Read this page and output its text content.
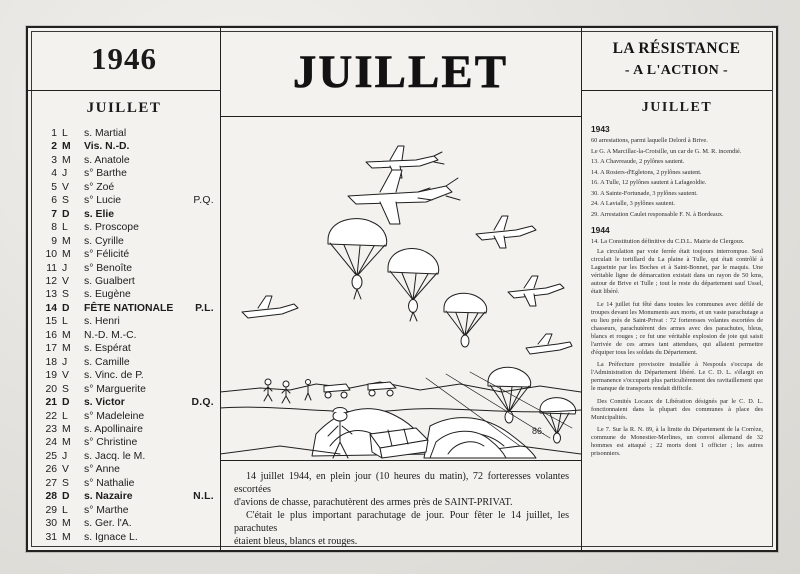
1946	JUILLET	LA RÉSISTANCE
- A L'ACTION -
JUILLET
1 L	s. Martial
2 M	Vis. N.-D.
3 M	s. Anatole
4 J	s° Barthe
5 V	s° Zoé
6 S	s° Lucie	P.Q.
7 D	s. Elie
8 L	s. Proscope
9 M	s. Cyrille
10 M	s° Félicité
11 J	s° Benoîte
12 V	s. Gualbert
13 S	s. Eugène
14 D	FÊTE NATIONALE	P.L.
15 L	s. Henri
16 M	N.-D. M.-C.
17 M	s. Espérat
18 J	s. Camille
19 V	s. Vinc. de P.
20 S	s° Marguerite
21 D	s. Victor	D.Q.
22 L	s° Madeleine
23 M	s. Apollinaire
24 M	s° Christine
25 J	s. Jacq. le M.
26 V	s° Anne
27 S	s° Nathalie
28 D	s. Nazaire	N.L.
29 L	s° Marthe
30 M	s. Ger. l'A.
31 M	s. Ignace L.
86.
14 juillet 1944, en plein jour (10 heures du matin), 72 forteresses volantes escortées
d'avions de chasse, parachutèrent des armes près de SAINT-PRIVAT.
C'était le plus important parachutage de jour. Pour fêter le 14 juillet, les parachutes
étaient bleus, blancs et rouges.
JUILLET
1943
60 arrestations, parmi laquelle Delord à Brive.
Le G. A Marcillac-la-Croisille, un car de G. M. R. incendié.
13. A Chavreaude, 2 pylônes sautent.
14. A Rosiers-d'Egletons, 2 pylônes sautent.
16. A Tulle, 12 pylônes sautent à Lafageoldie.
30. A Sainte-Fortunade, 3 pylônes sautent.
24. A Lavialle, 3 pylônes sautent.
29. Arrestation Caulet responsable F. N. à Bordeaux.
1944
14. La Constitution définitive du C.D.L. Mairie de Clergoux.
La circulation par voie ferrée était toujours interrompue. Seul circulait le tortillard du La plaine à Tulle, qui était contrôlé à Lagueinie par les Boches et à Saint-Bonnet, par le maquis. Une véritable ligne de démarcation existait dans un rayon de 50 kms, autour de Brive et Tulle ; tout le reste du département sauf Ussel, était libéré.
Le 14 juillet fut fêté dans toutes les communes avec défilé de troupes devant les Monuments aux morts, et un vaste parachutage a eu lieu près de Saint-Privat : 72 forteresses volantes escortées de chasseurs, parachutèrent des armes avec des parachutes, bleus, blancs et rouges ; ce fut une véritable explosion de joie qui saisit l'arrivée de ces armes tant attendues, qui allaient permettre d'équiper tous les soldats du Département.
La Préfecture provisoire installée à Nespouls s'occupa de l'Administration du Département libéré. Le C. D. L. s'élargit en permanence s'occupant plus particulièrement des ravitaillement que le manque de transports rendait difficile.
Des Comités Locaux de Libération désignés par le C. D. L. fonctionnaient dans la plupart des communes à place des Municipalités.
Le 7. Sur la R. N. 89, à la limite du Département de la Corrèze, commune de Monestier-Merlines, un convoi allemand de 32 hommes est attaqué ; 22 morts dont 1 officier ; les autres prisonniers.
